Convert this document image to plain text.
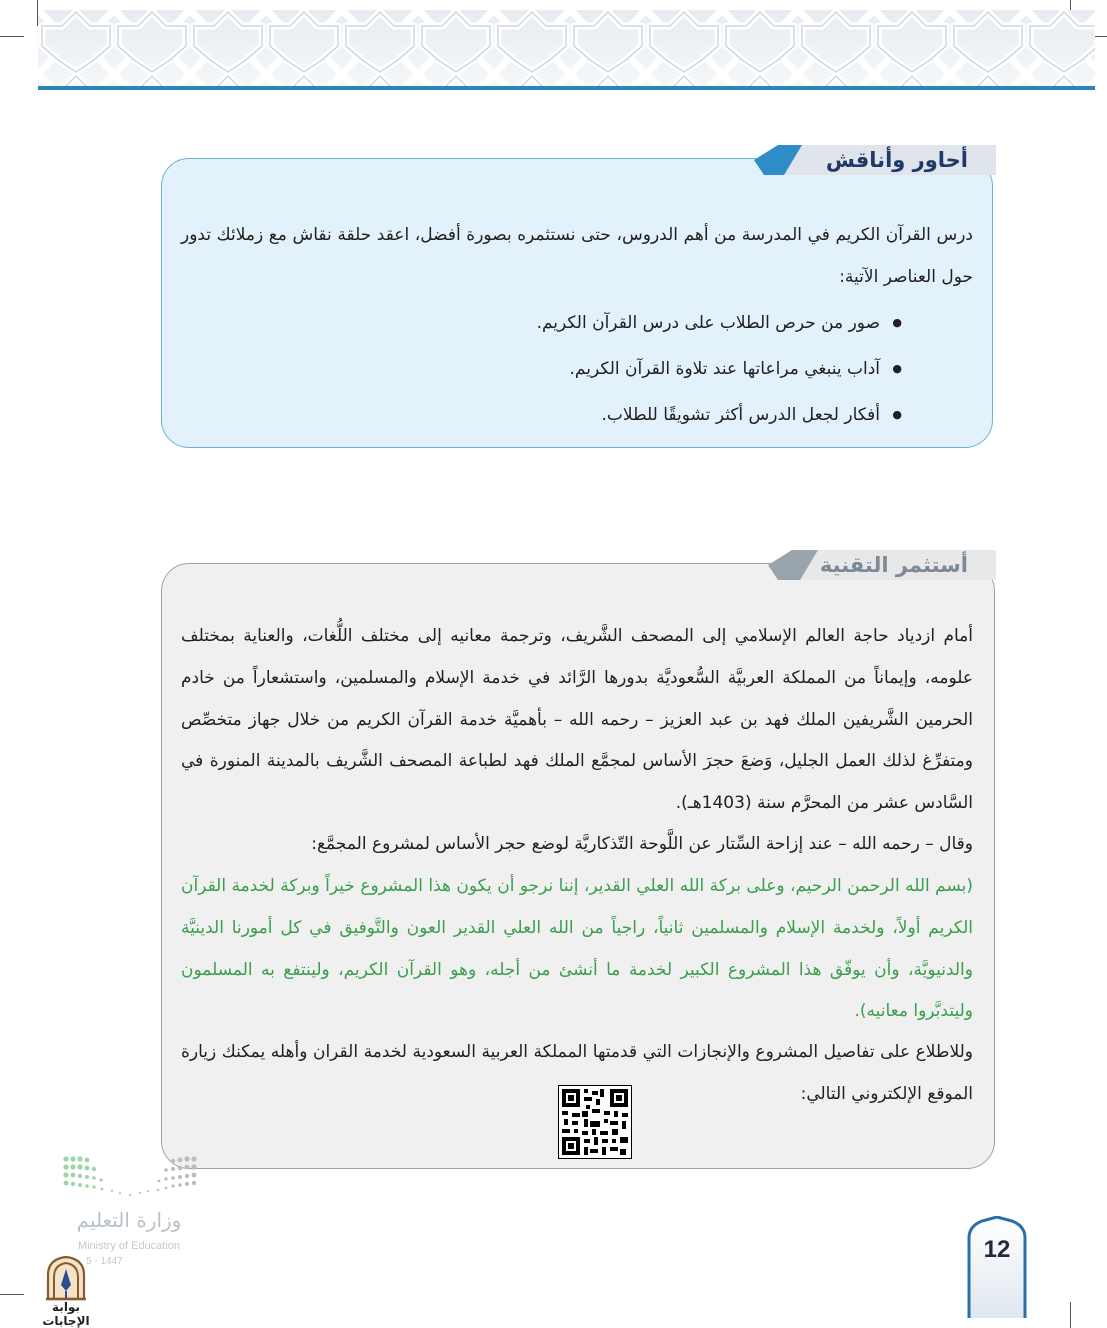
أحاور وأناقش
درس القرآن الكريم في المدرسة من أهم الدروس، حتى نستثمره بصورة أفضل، اعقد حلقة نقاش مع زملائك تدور حول العناصر الآتية:
● صور من حرص الطلاب على درس القرآن الكريم.
● آداب ينبغي مراعاتها عند تلاوة القرآن الكريم.
● أفكار لجعل الدرس أكثر تشويقًا للطلاب.
أستثمر التقنية
أمام ازدياد حاجة العالم الإسلامي إلى المصحف الشَّريف، وترجمة معانيه إلى مختلف اللُّغات، والعناية بمختلف علومه، وإيماناً من المملكة العربيَّة السُّعوديَّة بدورها الرَّائد في خدمة الإسلام والمسلمين، واستشعاراً من خادم الحرمين الشَّريفين الملك فهد بن عبد العزيز – رحمه الله – بأهميَّة خدمة القرآن الكريم من خلال جهاز متخصِّص ومتفرِّغ لذلك العمل الجليل، وَضعَ حجرَ الأساس لمجمَّع الملك فهد لطباعة المصحف الشَّريف بالمدينة المنورة في السَّادس عشر من المحرَّم سنة (1403هـ).
وقال – رحمه الله – عند إزاحة السِّتار عن اللَّوحة التّذكاريَّة لوضع حجر الأساس لمشروع المجمَّع:
(بسم الله الرحمن الرحيم، وعلى بركة الله العلي القدير، إننا نرجو أن يكون هذا المشروع خيراً وبركة لخدمة القرآن الكريم أولاً، ولخدمة الإسلام والمسلمين ثانياً، راجياً من الله العلي القدير العون والتَّوفيق في كل أمورنا الدينيَّة والدنيويَّة، وأن يوفّق هذا المشروع الكبير لخدمة ما أنشئ من أجله، وهو القرآن الكريم، ولينتفع به المسلمون وليتدبَّروا معانيه).
وللاطلاع على تفاصيل المشروع والإنجازات التي قدمتها المملكة العربية السعودية لخدمة القران وأهله يمكنك زيارة الموقع الإلكتروني التالي:
وزارة التعليم
Ministry of Education
5 - 1447
بوابة الإجابات
12
